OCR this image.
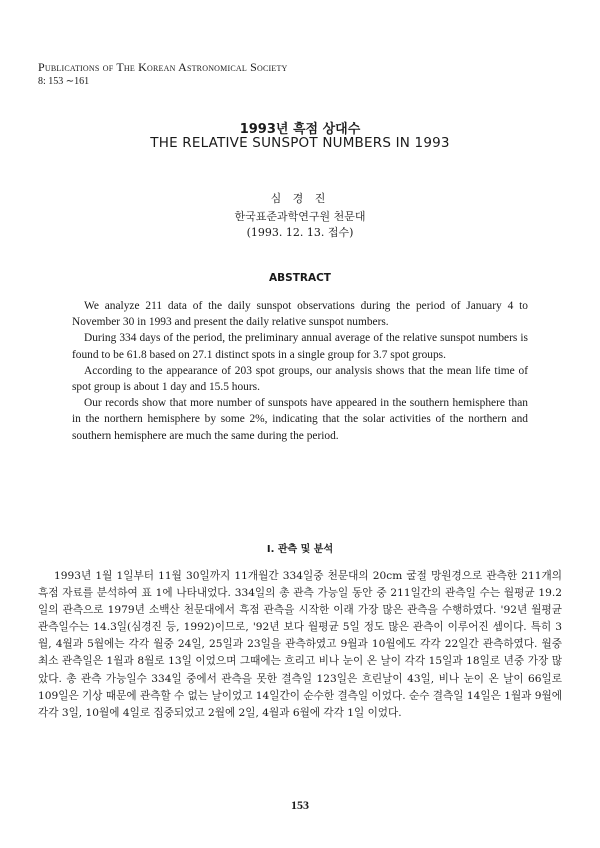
Publications of The Korean Astronomical Society
8: 153 ∼161
1993년 흑점 상대수
THE RELATIVE SUNSPOT NUMBERS IN 1993
심 경 진
한국표준과학연구원 천문대
(1993. 12. 13. 접수)
ABSTRACT

We analyze 211 data of the daily sunspot observations during the period of January 4 to November 30 in 1993 and present the daily relative sunspot numbers.

During 334 days of the period, the preliminary annual average of the relative sunspot numbers is found to be 61.8 based on 27.1 distinct spots in a single group for 3.7 spot groups.

According to the appearance of 203 spot groups, our analysis shows that the mean life time of spot group is about 1 day and 15.5 hours.

Our records show that more number of sunspots have appeared in the southern hemisphere than in the northern hemisphere by some 2%, indicating that the solar activities of the northern and southern hemisphere are much the same during the period.

I. 관측 및 분석

1993년 1월 1일부터 11월 30일까지 11개월간 334일중 천문대의 20cm 굴절 망원경으로 관측한 211개의 흑점 자료를 분석하여 표 1에 나타내었다. 334일의 총 관측 가능일 동안 중 211일간의 관측일 수는 월평균 19.2일의 관측으로 1979년 소백산 천문대에서 흑점 관측을 시작한 이래 가장 많은 관측을 수행하였다. '92년 월평균 관측일수는 14.3일(심경진 등, 1992)이므로, '92년 보다 월평균 5일 정도 많은 관측이 이루어진 셈이다. 특히 3월, 4월과 5월에는 각각 월중 24일, 25일과 23일을 관측하였고 9월과 10월에도 각각 22일간 관측하였다. 월중 최소 관측일은 1월과 8월로 13일 이었으며 그때에는 흐리고 비나 눈이 온 날이 각각 15일과 18일로 년중 가장 많았다. 총 관측 가능일수 334일 중에서 관측을 못한 결측일 123일은 흐린날이 43일, 비나 눈이 온 날이 66일로 109일은 기상 때문에 관측할 수 없는 날이었고 14일간이 순수한 결측일 이었다. 순수 결측일 14일은 1월과 9월에 각각 3일, 10월에 4일로 집중되었고 2월에 2일, 4월과 6월에 각각 1일 이었다.

153
